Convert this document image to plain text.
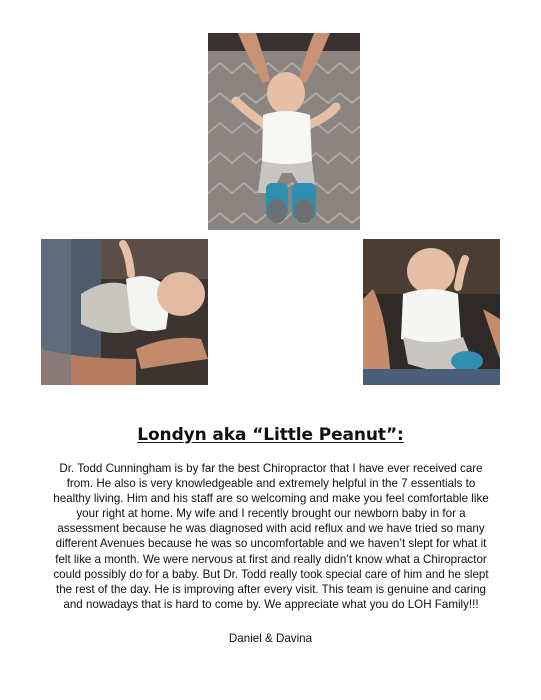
Londyn aka “Little Peanut”:

Dr. Todd Cunningham is by far the best Chiropractor that I have ever received care
from. He also is very knowledgeable and extremely helpful in the 7 essentials to
healthy living. Him and his staff are so welcoming and make you feel comfortable like
your right at home. My wife and I recently brought our newborn baby in for a
assessment because he was diagnosed with acid reflux and we have tried so many
different Avenues because he was so uncomfortable and we haven’t slept for what it
felt like a month. We were nervous at first and really didn’t know what a Chiropractor
could possibly do for a baby. But Dr. Todd really took special care of him and he slept
the rest of the day. He is improving after every visit. This team is genuine and caring
and nowadays that is hard to come by. We appreciate what you do LOH Family!!!

Daniel & Davina
